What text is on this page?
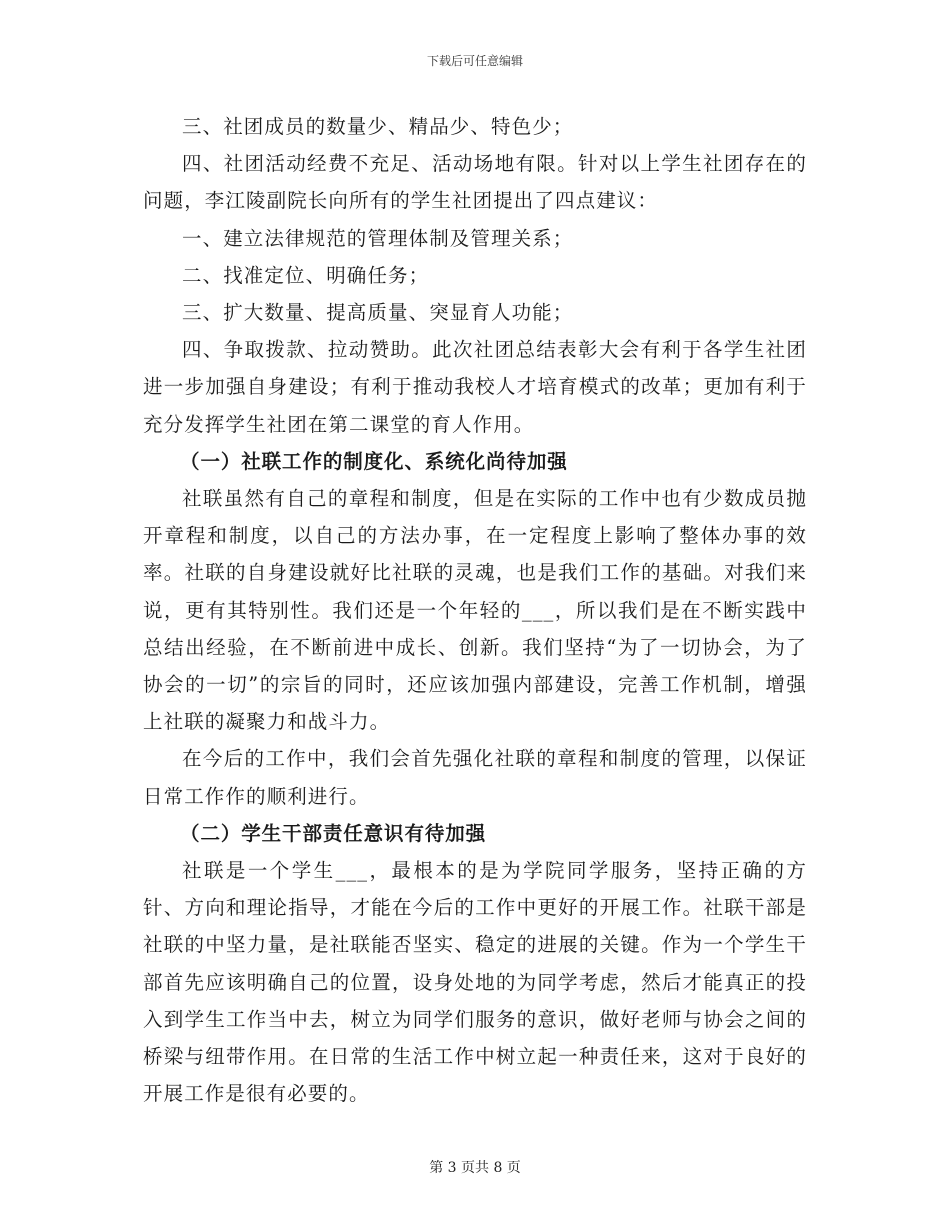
下载后可任意编辑

三、社团成员的数量少、精品少、特色少；

四、社团活动经费不充足、活动场地有限。针对以上学生社团存在的问题，李江陵副院长向所有的学生社团提出了四点建议：

一、建立法律规范的管理体制及管理关系；

二、找准定位、明确任务；

三、扩大数量、提高质量、突显育人功能；

四、争取拨款、拉动赞助。此次社团总结表彰大会有利于各学生社团进一步加强自身建设；有利于推动我校人才培育模式的改革；更加有利于充分发挥学生社团在第二课堂的育人作用。

（一）社联工作的制度化、系统化尚待加强

社联虽然有自己的章程和制度，但是在实际的工作中也有少数成员抛开章程和制度，以自己的方法办事，在一定程度上影响了整体办事的效率。社联的自身建设就好比社联的灵魂，也是我们工作的基础。对我们来说，更有其特别性。我们还是一个年轻的___，所以我们是在不断实践中总结出经验，在不断前进中成长、创新。我们坚持“为了一切协会，为了协会的一切”的宗旨的同时，还应该加强内部建设，完善工作机制，增强上社联的凝聚力和战斗力。

在今后的工作中，我们会首先强化社联的章程和制度的管理，以保证日常工作作的顺利进行。

（二）学生干部责任意识有待加强

社联是一个学生___，最根本的是为学院同学服务，坚持正确的方针、方向和理论指导，才能在今后的工作中更好的开展工作。社联干部是社联的中坚力量，是社联能否坚实、稳定的进展的关键。作为一个学生干部首先应该明确自己的位置，设身处地的为同学考虑，然后才能真正的投入到学生工作当中去，树立为同学们服务的意识，做好老师与协会之间的桥梁与纽带作用。在日常的生活工作中树立起一种责任来，这对于良好的开展工作是很有必要的。

第 3 页共 8 页
